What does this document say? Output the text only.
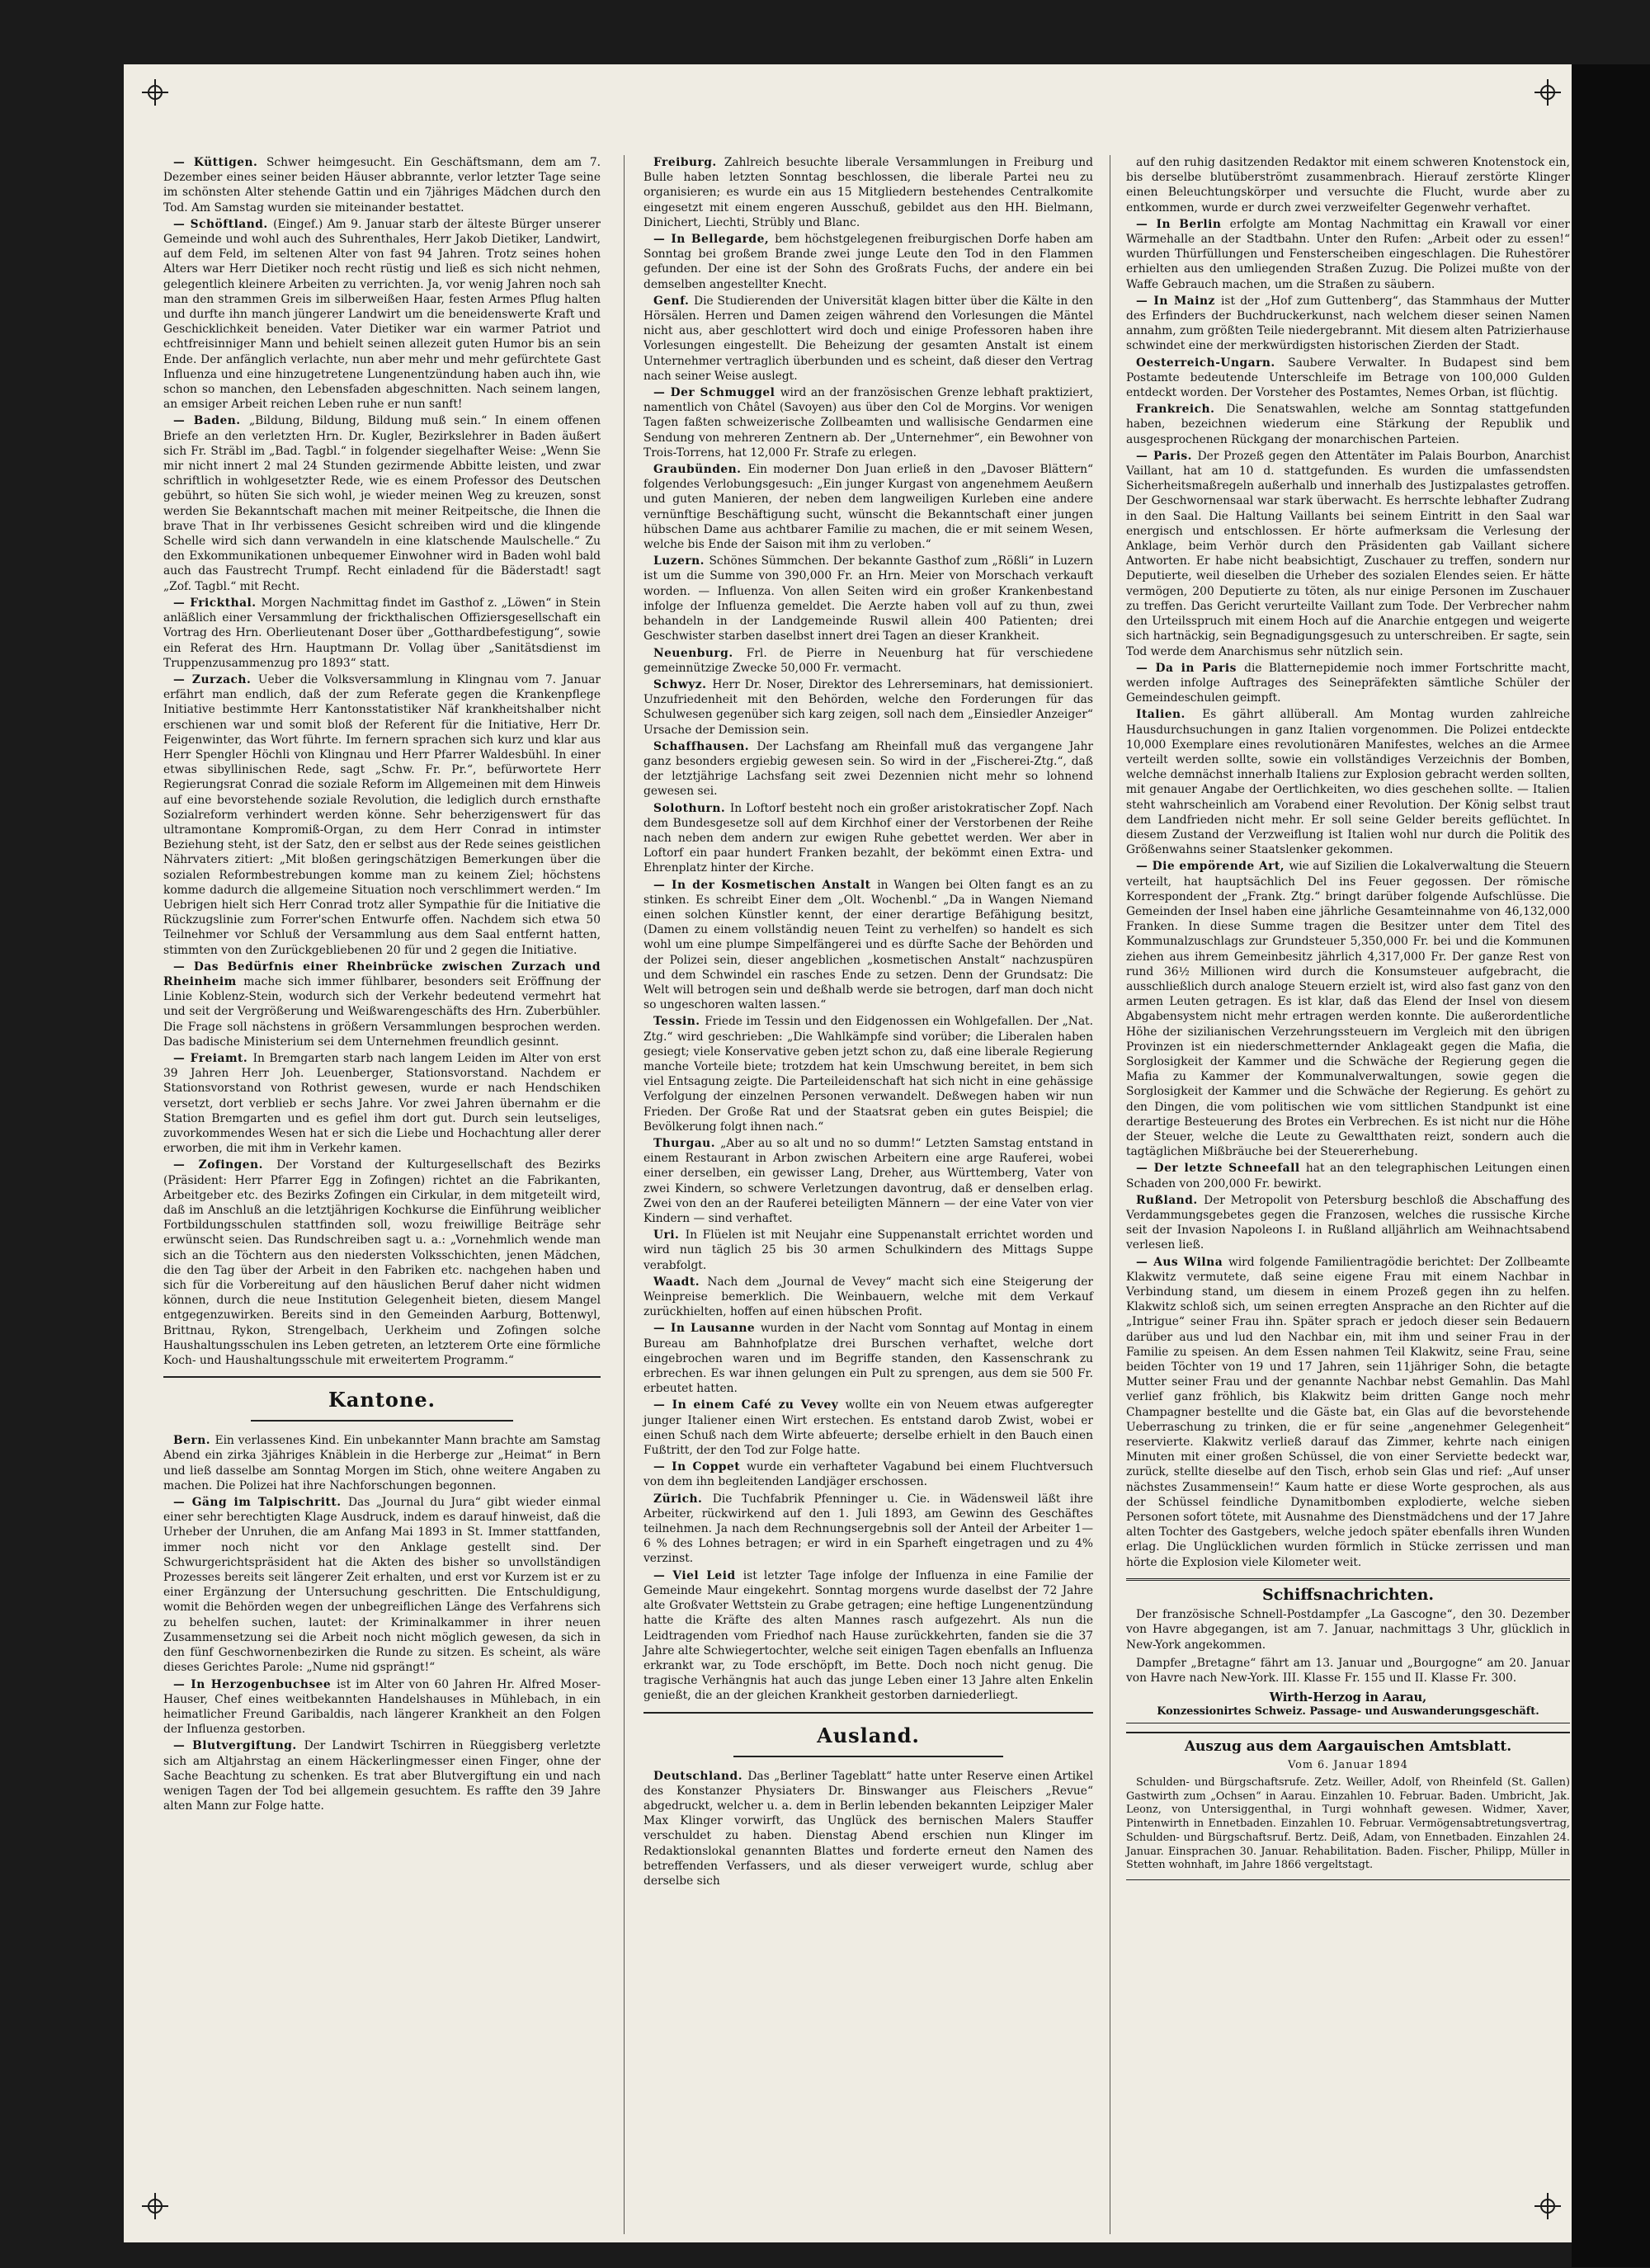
— Küttigen. Schwer heimgesucht. Ein Geschäftsmann, dem am 7. Dezember eines seiner beiden Häuser abbrannte, verlor letzter Tage seine im schönsten Alter stehende Gattin und ein 7jähriges Mädchen durch den Tod. Am Samstag wurden sie miteinander bestattet.

— Schöftland. (Eingef.) Am 9. Januar starb der älteste Bürger unserer Gemeinde und wohl auch des Suhrenthales, Herr Jakob Dietiker, Landwirt, auf dem Feld, im seltenen Alter von fast 94 Jahren. Trotz seines hohen Alters war Herr Dietiker noch recht rüstig und ließ es sich nicht nehmen, gelegentlich kleinere Arbeiten zu verrichten. Ja, vor wenig Jahren noch sah man den strammen Greis im silberweißen Haar, festen Armes Pflug halten und durfte ihn manch jüngerer Landwirt um die beneidenswerte Kraft und Geschicklichkeit beneiden. Vater Dietiker war ein warmer Patriot und echtfreisinniger Mann und behielt seinen allezeit guten Humor bis an sein Ende. Der anfänglich verlachte, nun aber mehr und mehr gefürchtete Gast Influenza und eine hinzugetretene Lungenentzündung haben auch ihn, wie schon so manchen, den Lebensfaden abgeschnitten. Nach seinem langen, an emsiger Arbeit reichen Leben ruhe er nun sanft!

— Baden. „Bildung, Bildung, Bildung muß sein.“ In einem offenen Briefe an den verletzten Hrn. Dr. Kugler, Bezirkslehrer in Baden äußert sich Fr. Sträbl im „Bad. Tagbl.“ in folgender siegelhafter Weise: „Wenn Sie mir nicht innert 2 mal 24 Stunden gezirmende Abbitte leisten, und zwar schriftlich in wohlgesetzter Rede, wie es einem Professor des Deutschen gebührt, so hüten Sie sich wohl, je wieder meinen Weg zu kreuzen, sonst werden Sie Bekanntschaft machen mit meiner Reitpeitsche, die Ihnen die brave That in Ihr verbissenes Gesicht schreiben wird und die klingende Schelle wird sich dann verwandeln in eine klatschende Maulschelle.“ Zu den Exkommunikationen unbequemer Einwohner wird in Baden wohl bald auch das Faustrecht Trumpf. Recht einladend für die Bäderstadt! sagt „Zof. Tagbl.“ mit Recht.

— Frickthal. Morgen Nachmittag findet im Gasthof z. „Löwen“ in Stein anläßlich einer Versammlung der frickthalischen Offiziersgesellschaft ein Vortrag des Hrn. Oberlieutenant Doser über „Gotthardbefestigung“, sowie ein Referat des Hrn. Hauptmann Dr. Vollag über „Sanitätsdienst im Truppenzusammenzug pro 1893“ statt.

— Zurzach. Ueber die Volksversammlung in Klingnau vom 7. Januar erfährt man endlich, daß der zum Referate gegen die Krankenpflege Initiative bestimmte Herr Kantonsstatistiker Näf krankheitshalber nicht erschienen war und somit bloß der Referent für die Initiative, Herr Dr. Feigenwinter, das Wort führte. Im fernern sprachen sich kurz und klar aus Herr Spengler Höchli von Klingnau und Herr Pfarrer Waldesbühl. In einer etwas sibyllinischen Rede, sagt „Schw. Fr. Pr.“, befürwortete Herr Regierungsrat Conrad die soziale Reform im Allgemeinen mit dem Hinweis auf eine bevorstehende soziale Revolution, die lediglich durch ernsthafte Sozialreform verhindert werden könne. Sehr beherzigenswert für das ultramontane Kompromiß-Organ, zu dem Herr Conrad in intimster Beziehung steht, ist der Satz, den er selbst aus der Rede seines geistlichen Nährvaters zitiert: „Mit bloßen geringschätzigen Bemerkungen über die sozialen Reformbestrebungen komme man zu keinem Ziel; höchstens komme dadurch die allgemeine Situation noch verschlimmert werden.“ Im Uebrigen hielt sich Herr Conrad trotz aller Sympathie für die Initiative die Rückzugslinie zum Forrer'schen Entwurfe offen. Nachdem sich etwa 50 Teilnehmer vor Schluß der Versammlung aus dem Saal entfernt hatten, stimmten von den Zurückgebliebenen 20 für und 2 gegen die Initiative.

— Das Bedürfnis einer Rheinbrücke zwischen Zurzach und Rheinheim mache sich immer fühlbarer, besonders seit Eröffnung der Linie Koblenz-Stein, wodurch sich der Verkehr bedeutend vermehrt hat und seit der Vergrößerung und Weißwarengeschäfts des Hrn. Zuberbühler. Die Frage soll nächstens in größern Versammlungen besprochen werden. Das badische Ministerium sei dem Unternehmen freundlich gesinnt.

— Freiamt. In Bremgarten starb nach langem Leiden im Alter von erst 39 Jahren Herr Joh. Leuenberger, Stationsvorstand. Nachdem er Stationsvorstand von Rothrist gewesen, wurde er nach Hendschiken versetzt, dort verblieb er sechs Jahre. Vor zwei Jahren übernahm er die Station Bremgarten und es gefiel ihm dort gut. Durch sein leutseliges, zuvorkommendes Wesen hat er sich die Liebe und Hochachtung aller derer erworben, die mit ihm in Verkehr kamen.

— Zofingen. Der Vorstand der Kulturgesellschaft des Bezirks (Präsident: Herr Pfarrer Egg in Zofingen) richtet an die Fabrikanten, Arbeitgeber etc. des Bezirks Zofingen ein Cirkular, in dem mitgeteilt wird, daß im Anschluß an die letztjährigen Kochkurse die Einführung weiblicher Fortbildungsschulen stattfinden soll, wozu freiwillige Beiträge sehr erwünscht seien. Das Rundschreiben sagt u. a.: „Vornehmlich wende man sich an die Töchtern aus den niedersten Volksschichten, jenen Mädchen, die den Tag über der Arbeit in den Fabriken etc. nachgehen haben und sich für die Vorbereitung auf den häuslichen Beruf daher nicht widmen können, durch die neue Institution Gelegenheit bieten, diesem Mangel entgegenzuwirken. Bereits sind in den Gemeinden Aarburg, Bottenwyl, Brittnau, Rykon, Strengelbach, Uerkheim und Zofingen solche Haushaltungsschulen ins Leben getreten, an letzterem Orte eine förmliche Koch- und Haushaltungsschule mit erweitertem Programm.“

Kantone.

Bern. Ein verlassenes Kind. Ein unbekannter Mann brachte am Samstag Abend ein zirka 3jähriges Knäblein in die Herberge zur „Heimat“ in Bern und ließ dasselbe am Sonntag Morgen im Stich, ohne weitere Angaben zu machen. Die Polizei hat ihre Nachforschungen begonnen.

— Gäng im Talpischritt. Das „Journal du Jura“ gibt wieder einmal einer sehr berechtigten Klage Ausdruck, indem es darauf hinweist, daß die Urheber der Unruhen, die am Anfang Mai 1893 in St. Immer stattfanden, immer noch nicht vor den Anklage gestellt sind. Der Schwurgerichtspräsident hat die Akten des bisher so unvollständigen Prozesses bereits seit längerer Zeit erhalten, und erst vor Kurzem ist er zu einer Ergänzung der Untersuchung geschritten. Die Entschuldigung, womit die Behörden wegen der unbegreiflichen Länge des Verfahrens sich zu behelfen suchen, lautet: der Kriminalkammer in ihrer neuen Zusammensetzung sei die Arbeit noch nicht möglich gewesen, da sich in den fünf Geschwornenbezirken die Runde zu sitzen. Es scheint, als wäre dieses Gerichtes Parole: „Nume nid gsprängt!“

— In Herzogenbuchsee ist im Alter von 60 Jahren Hr. Alfred Moser-Hauser, Chef eines weitbekannten Handelshauses in Mühlebach, in ein heimatlicher Freund Garibaldis, nach längerer Krankheit an den Folgen der Influenza gestorben.

— Blutvergiftung. Der Landwirt Tschirren in Rüeggisberg verletzte sich am Altjahrstag an einem Häckerlingmesser einen Finger, ohne der Sache Beachtung zu schenken. Es trat aber Blutvergiftung ein und nach wenigen Tagen der Tod bei allgemein gesuchtem. Es raffte den 39 Jahre alten Mann zur Folge hatte.

Freiburg. Zahlreich besuchte liberale Versammlungen in Freiburg und Bulle haben letzten Sonntag beschlossen, die liberale Partei neu zu organisieren; es wurde ein aus 15 Mitgliedern bestehendes Centralkomite eingesetzt mit einem engeren Ausschuß, gebildet aus den HH. Bielmann, Dinichert, Liechti, Strübly und Blanc.

— In Bellegarde, bem höchstgelegenen freiburgischen Dorfe haben am Sonntag bei großem Brande zwei junge Leute den Tod in den Flammen gefunden. Der eine ist der Sohn des Großrats Fuchs, der andere ein bei demselben angestellter Knecht.

Genf. Die Studierenden der Universität klagen bitter über die Kälte in den Hörsälen. Herren und Damen zeigen während den Vorlesungen die Mäntel nicht aus, aber geschlottert wird doch und einige Professoren haben ihre Vorlesungen eingestellt. Die Beheizung der gesamten Anstalt ist einem Unternehmer vertraglich überbunden und es scheint, daß dieser den Vertrag nach seiner Weise auslegt.

— Der Schmuggel wird an der französischen Grenze lebhaft praktiziert, namentlich von Châtel (Savoyen) aus über den Col de Morgins. Vor wenigen Tagen faßten schweizerische Zollbeamten und wallisische Gendarmen eine Sendung von mehreren Zentnern ab. Der „Unternehmer“, ein Bewohner von Trois-Torrens, hat 12,000 Fr. Strafe zu erlegen.

Graubünden. Ein moderner Don Juan erließ in den „Davoser Blättern“ folgendes Verlobungsgesuch: „Ein junger Kurgast von angenehmem Aeußern und guten Manieren, der neben dem langweiligen Kurleben eine andere vernünftige Beschäftigung sucht, wünscht die Bekanntschaft einer jungen hübschen Dame aus achtbarer Familie zu machen, die er mit seinem Wesen, welche bis Ende der Saison mit ihm zu verloben.“

Luzern. Schönes Sümmchen. Der bekannte Gasthof zum „Rößli“ in Luzern ist um die Summe von 390,000 Fr. an Hrn. Meier von Morschach verkauft worden. — Influenza. Von allen Seiten wird ein großer Krankenbestand infolge der Influenza gemeldet. Die Aerzte haben voll auf zu thun, zwei behandeln in der Landgemeinde Ruswil allein 400 Patienten; drei Geschwister starben daselbst innert drei Tagen an dieser Krankheit.

Neuenburg. Frl. de Pierre in Neuenburg hat für verschiedene gemeinnützige Zwecke 50,000 Fr. vermacht.

Schwyz. Herr Dr. Noser, Direktor des Lehrerseminars, hat demissioniert. Unzufriedenheit mit den Behörden, welche den Forderungen für das Schulwesen gegenüber sich karg zeigen, soll nach dem „Einsiedler Anzeiger“ Ursache der Demission sein.

Schaffhausen. Der Lachsfang am Rheinfall muß das vergangene Jahr ganz besonders ergiebig gewesen sein. So wird in der „Fischerei-Ztg.“, daß der letztjährige Lachsfang seit zwei Dezennien nicht mehr so lohnend gewesen sei.

Solothurn. In Loftorf besteht noch ein großer aristokratischer Zopf. Nach dem Bundesgesetze soll auf dem Kirchhof einer der Verstorbenen der Reihe nach neben dem andern zur ewigen Ruhe gebettet werden. Wer aber in Loftorf ein paar hundert Franken bezahlt, der bekömmt einen Extra- und Ehrenplatz hinter der Kirche.

— In der Kosmetischen Anstalt in Wangen bei Olten fangt es an zu stinken. Es schreibt Einer dem „Olt. Wochenbl.“ „Da in Wangen Niemand einen solchen Künstler kennt, der einer derartige Befähigung besitzt, (Damen zu einem vollständig neuen Teint zu verhelfen) so handelt es sich wohl um eine plumpe Simpelfängerei und es dürfte Sache der Behörden und der Polizei sein, dieser angeblichen „kosmetischen Anstalt“ nachzuspüren und dem Schwindel ein rasches Ende zu setzen. Denn der Grundsatz: Die Welt will betrogen sein und deßhalb werde sie betrogen, darf man doch nicht so ungeschoren walten lassen.“

Tessin. Friede im Tessin und den Eidgenossen ein Wohlgefallen. Der „Nat. Ztg.“ wird geschrieben: „Die Wahlkämpfe sind vorüber; die Liberalen haben gesiegt; viele Konservative geben jetzt schon zu, daß eine liberale Regierung manche Vorteile biete; trotzdem hat kein Umschwung bereitet, in bem sich viel Entsagung zeigte. Die Parteileidenschaft hat sich nicht in eine gehässige Verfolgung der einzelnen Personen verwandelt. Deßwegen haben wir nun Frieden. Der Große Rat und der Staatsrat geben ein gutes Beispiel; die Bevölkerung folgt ihnen nach.“

Thurgau. „Aber au so alt und no so dumm!“ Letzten Samstag entstand in einem Restaurant in Arbon zwischen Arbeitern eine arge Rauferei, wobei einer derselben, ein gewisser Lang, Dreher, aus Württemberg, Vater von zwei Kindern, so schwere Verletzungen davontrug, daß er denselben erlag. Zwei von den an der Rauferei beteiligten Männern — der eine Vater von vier Kindern — sind verhaftet.

Uri. In Flüelen ist mit Neujahr eine Suppenanstalt errichtet worden und wird nun täglich 25 bis 30 armen Schulkindern des Mittags Suppe verabfolgt.

Waadt. Nach dem „Journal de Vevey“ macht sich eine Steigerung der Weinpreise bemerklich. Die Weinbauern, welche mit dem Verkauf zurückhielten, hoffen auf einen hübschen Profit.

— In Lausanne wurden in der Nacht vom Sonntag auf Montag in einem Bureau am Bahnhofplatze drei Burschen verhaftet, welche dort eingebrochen waren und im Begriffe standen, den Kassenschrank zu erbrechen. Es war ihnen gelungen ein Pult zu sprengen, aus dem sie 500 Fr. erbeutet hatten.

— In einem Café zu Vevey wollte ein von Neuem etwas aufgeregter junger Italiener einen Wirt erstechen. Es entstand darob Zwist, wobei er einen Schuß nach dem Wirte abfeuerte; derselbe erhielt in den Bauch einen Fußtritt, der den Tod zur Folge hatte.

— In Coppet wurde ein verhafteter Vagabund bei einem Fluchtversuch von dem ihn begleitenden Landjäger erschossen.

Zürich. Die Tuchfabrik Pfenninger u. Cie. in Wädensweil läßt ihre Arbeiter, rückwirkend auf den 1. Juli 1893, am Gewinn des Geschäftes teilnehmen. Ja nach dem Rechnungsergebnis soll der Anteil der Arbeiter 1—6 % des Lohnes betragen; er wird in ein Sparheft eingetragen und zu 4% verzinst.

— Viel Leid ist letzter Tage infolge der Influenza in eine Familie der Gemeinde Maur eingekehrt. Sonntag morgens wurde daselbst der 72 Jahre alte Großvater Wettstein zu Grabe getragen; eine heftige Lungenentzündung hatte die Kräfte des alten Mannes rasch aufgezehrt. Als nun die Leidtragenden vom Friedhof nach Hause zurückkehrten, fanden sie die 37 Jahre alte Schwiegertochter, welche seit einigen Tagen ebenfalls an Influenza erkrankt war, zu Tode erschöpft, im Bette. Doch noch nicht genug. Die tragische Verhängnis hat auch das junge Leben einer 13 Jahre alten Enkelin genießt, die an der gleichen Krankheit gestorben darniederliegt.

Ausland.

Deutschland. Das „Berliner Tageblatt“ hatte unter Reserve einen Artikel des Konstanzer Physiaters Dr. Binswanger aus Fleischers „Revue“ abgedruckt, welcher u. a. dem in Berlin lebenden bekannten Leipziger Maler Max Klinger vorwirft, das Unglück des bernischen Malers Stauffer verschuldet zu haben. Dienstag Abend erschien nun Klinger im Redaktionslokal genannten Blattes und forderte erneut den Namen des betreffenden Verfassers, und als dieser verweigert wurde, schlug aber derselbe sich

auf den ruhig dasitzenden Redaktor mit einem schweren Knotenstock ein, bis derselbe blutüberströmt zusammenbrach. Hierauf zerstörte Klinger einen Beleuchtungskörper und versuchte die Flucht, wurde aber zu entkommen, wurde er durch zwei verzweifelter Gegenwehr verhaftet.

— In Berlin erfolgte am Montag Nachmittag ein Krawall vor einer Wärmehalle an der Stadtbahn. Unter den Rufen: „Arbeit oder zu essen!“ wurden Thürfüllungen und Fensterscheiben eingeschlagen. Die Ruhestörer erhielten aus den umliegenden Straßen Zuzug. Die Polizei mußte von der Waffe Gebrauch machen, um die Straßen zu säubern.

— In Mainz ist der „Hof zum Guttenberg“, das Stammhaus der Mutter des Erfinders der Buchdruckerkunst, nach welchem dieser seinen Namen annahm, zum größten Teile niedergebrannt. Mit diesem alten Patrizierhause schwindet eine der merkwürdigsten historischen Zierden der Stadt.

Oesterreich-Ungarn. Saubere Verwalter. In Budapest sind bem Postamte bedeutende Unterschleife im Betrage von 100,000 Gulden entdeckt worden. Der Vorsteher des Postamtes, Nemes Orban, ist flüchtig.

Frankreich. Die Senatswahlen, welche am Sonntag stattgefunden haben, bezeichnen wiederum eine Stärkung der Republik und ausgesprochenen Rückgang der monarchischen Parteien.

— Paris. Der Prozeß gegen den Attentäter im Palais Bourbon, Anarchist Vaillant, hat am 10 d. stattgefunden. Es wurden die umfassendsten Sicherheitsmaßregeln außerhalb und innerhalb des Justizpalastes getroffen. Der Geschwornensaal war stark überwacht. Es herrschte lebhafter Zudrang in den Saal. Die Haltung Vaillants bei seinem Eintritt in den Saal war energisch und entschlossen. Er hörte aufmerksam die Verlesung der Anklage, beim Verhör durch den Präsidenten gab Vaillant sichere Antworten. Er habe nicht beabsichtigt, Zuschauer zu treffen, sondern nur Deputierte, weil dieselben die Urheber des sozialen Elendes seien. Er hätte vermögen, 200 Deputierte zu töten, als nur einige Personen im Zuschauer zu treffen. Das Gericht verurteilte Vaillant zum Tode. Der Verbrecher nahm den Urteilsspruch mit einem Hoch auf die Anarchie entgegen und weigerte sich hartnäckig, sein Begnadigungsgesuch zu unterschreiben. Er sagte, sein Tod werde dem Anarchismus sehr nützlich sein.

— Da in Paris die Blatternepidemie noch immer Fortschritte macht, werden infolge Auftrages des Seinepräfekten sämtliche Schüler der Gemeindeschulen geimpft.

Italien. Es gährt allüberall. Am Montag wurden zahlreiche Hausdurchsuchungen in ganz Italien vorgenommen. Die Polizei entdeckte 10,000 Exemplare eines revolutionären Manifestes, welches an die Armee verteilt werden sollte, sowie ein vollständiges Verzeichnis der Bomben, welche demnächst innerhalb Italiens zur Explosion gebracht werden sollten, mit genauer Angabe der Oertlichkeiten, wo dies geschehen sollte. — Italien steht wahrscheinlich am Vorabend einer Revolution. Der König selbst traut dem Landfrieden nicht mehr. Er soll seine Gelder bereits geflüchtet. In diesem Zustand der Verzweiflung ist Italien wohl nur durch die Politik des Größenwahns seiner Staatslenker gekommen.

— Die empörende Art, wie auf Sizilien die Lokalverwaltung die Steuern verteilt, hat hauptsächlich Del ins Feuer gegossen. Der römische Korrespondent der „Frank. Ztg.“ bringt darüber folgende Aufschlüsse. Die Gemeinden der Insel haben eine jährliche Gesamteinnahme von 46,132,000 Franken. In diese Summe tragen die Besitzer unter dem Titel des Kommunalzuschlags zur Grundsteuer 5,350,000 Fr. bei und die Kommunen ziehen aus ihrem Gemeinbesitz jährlich 4,317,000 Fr. Der ganze Rest von rund 36½ Millionen wird durch die Konsumsteuer aufgebracht, die ausschließlich durch analoge Steuern erzielt ist, wird also fast ganz von den armen Leuten getragen. Es ist klar, daß das Elend der Insel von diesem Abgabensystem nicht mehr ertragen werden konnte. Die außerordentliche Höhe der sizilianischen Verzehrungssteuern im Vergleich mit den übrigen Provinzen ist ein niederschmetternder Anklageakt gegen die Mafia, die Sorglosigkeit der Kammer und die Schwäche der Regierung gegen die Mafia zu Kammer der Kommunalverwaltungen, sowie gegen die Sorglosigkeit der Kammer und die Schwäche der Regierung. Es gehört zu den Dingen, die vom politischen wie vom sittlichen Standpunkt ist eine derartige Besteuerung des Brotes ein Verbrechen. Es ist nicht nur die Höhe der Steuer, welche die Leute zu Gewaltthaten reizt, sondern auch die tagtäglichen Mißbräuche bei der Steuererhebung.

— Der letzte Schneefall hat an den telegraphischen Leitungen einen Schaden von 200,000 Fr. bewirkt.

Rußland. Der Metropolit von Petersburg beschloß die Abschaffung des Verdammungsgebetes gegen die Franzosen, welches die russische Kirche seit der Invasion Napoleons I. in Rußland alljährlich am Weihnachtsabend verlesen ließ.

— Aus Wilna wird folgende Familientragödie berichtet: Der Zollbeamte Klakwitz vermutete, daß seine eigene Frau mit einem Nachbar in Verbindung stand, um diesem in einem Prozeß gegen ihn zu helfen. Klakwitz schloß sich, um seinen erregten Ansprache an den Richter auf die „Intrigue“ seiner Frau ihn. Später sprach er jedoch dieser sein Bedauern darüber aus und lud den Nachbar ein, mit ihm und seiner Frau in der Familie zu speisen. An dem Essen nahmen Teil Klakwitz, seine Frau, seine beiden Töchter von 19 und 17 Jahren, sein 11jähriger Sohn, die betagte Mutter seiner Frau und der genannte Nachbar nebst Gemahlin. Das Mahl verlief ganz fröhlich, bis Klakwitz beim dritten Gange noch mehr Champagner bestellte und die Gäste bat, ein Glas auf die bevorstehende Ueberraschung zu trinken, die er für seine „angenehmer Gelegenheit“ reservierte. Klakwitz verließ darauf das Zimmer, kehrte nach einigen Minuten mit einer großen Schüssel, die von einer Serviette bedeckt war, zurück, stellte dieselbe auf den Tisch, erhob sein Glas und rief: „Auf unser nächstes Zusammensein!“ Kaum hatte er diese Worte gesprochen, als aus der Schüssel feindliche Dynamitbomben explodierte, welche sieben Personen sofort tötete, mit Ausnahme des Dienstmädchens und der 17 Jahre alten Tochter des Gastgebers, welche jedoch später ebenfalls ihren Wunden erlag. Die Unglücklichen wurden förmlich in Stücke zerrissen und man hörte die Explosion viele Kilometer weit.

Schiffsnachrichten.

Der französische Schnell-Postdampfer „La Gascogne“, den 30. Dezember von Havre abgegangen, ist am 7. Januar, nachmittags 3 Uhr, glücklich in New-York angekommen.

Dampfer „Bretagne“ fährt am 13. Januar und „Bourgogne“ am 20. Januar von Havre nach New-York. III. Klasse Fr. 155 und II. Klasse Fr. 300.

Wirth-Herzog in Aarau,
Konzessionirtes Schweiz. Passage- und Auswanderungsgeschäft.
Auszug aus dem Aargauischen Amtsblatt.
Vom 6. Januar 1894

Schulden- und Bürgschaftsrufe. Zetz. Weiller, Adolf, von Rheinfeld (St. Gallen) Gastwirth zum „Ochsen“ in Aarau. Einzahlen 10. Februar. Baden. Umbricht, Jak. Leonz, von Untersiggenthal, in Turgi wohnhaft gewesen. Widmer, Xaver, Pintenwirth in Ennetbaden. Einzahlen 10. Februar. Vermögensabtretungsvertrag, Schulden- und Bürgschaftsruf. Bertz. Deiß, Adam, von Ennetbaden. Einzahlen 24. Januar. Einsprachen 30. Januar. Rehabilitation. Baden. Fischer, Philipp, Müller in Stetten wohnhaft, im Jahre 1866 vergeltstagt.
